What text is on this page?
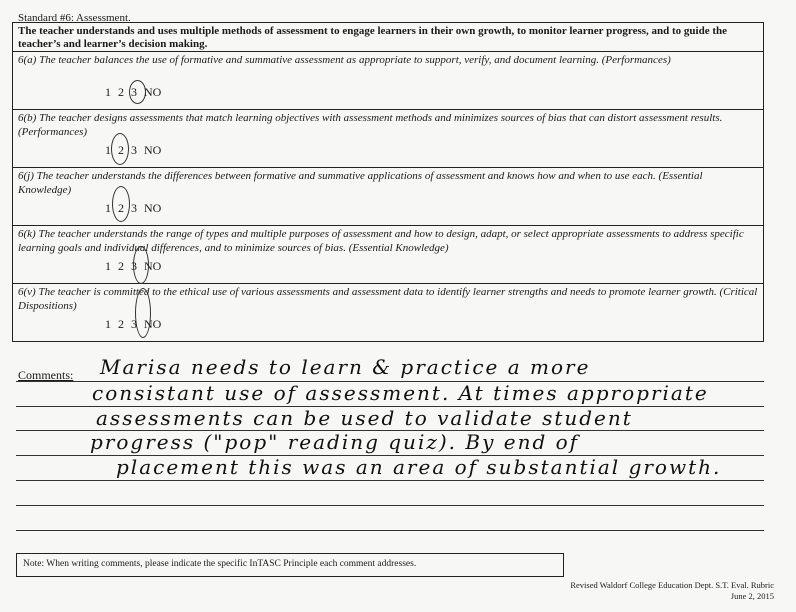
Standard #6: Assessment.
The teacher understands and uses multiple methods of assessment to engage learners in their own growth, to monitor learner progress, and to guide the teacher’s and learner’s decision making.
6(a) The teacher balances the use of formative and summative assessment as appropriate to support, verify, and document learning. (Performances)
1 2 3 NO
6(b) The teacher designs assessments that match learning objectives with assessment methods and minimizes sources of bias that can distort assessment results. (Performances)
1 2 3 NO
6(j) The teacher understands the differences between formative and summative applications of assessment and knows how and when to use each. (Essential Knowledge)
1 2 3 NO
6(k) The teacher understands the range of types and multiple purposes of assessment and how to design, adapt, or select appropriate assessments to address specific learning goals and individual differences, and to minimize sources of bias. (Essential Knowledge)
1 2 3 NO
6(v) The teacher is committed to the ethical use of various assessments and assessment data to identify learner strengths and needs to promote learner growth. (Critical Dispositions)
1 2 3 NO
Comments: Marisa needs to learn & practice a more
consistant use of assessment. At times appropriate
assessments can be used to validate student
progress ("pop" reading quiz). By end of
placement this was an area of substantial growth.
Note: When writing comments, please indicate the specific InTASC Principle each comment addresses.
Revised Waldorf College Education Dept. S.T. Eval. Rubric
June 2, 2015
